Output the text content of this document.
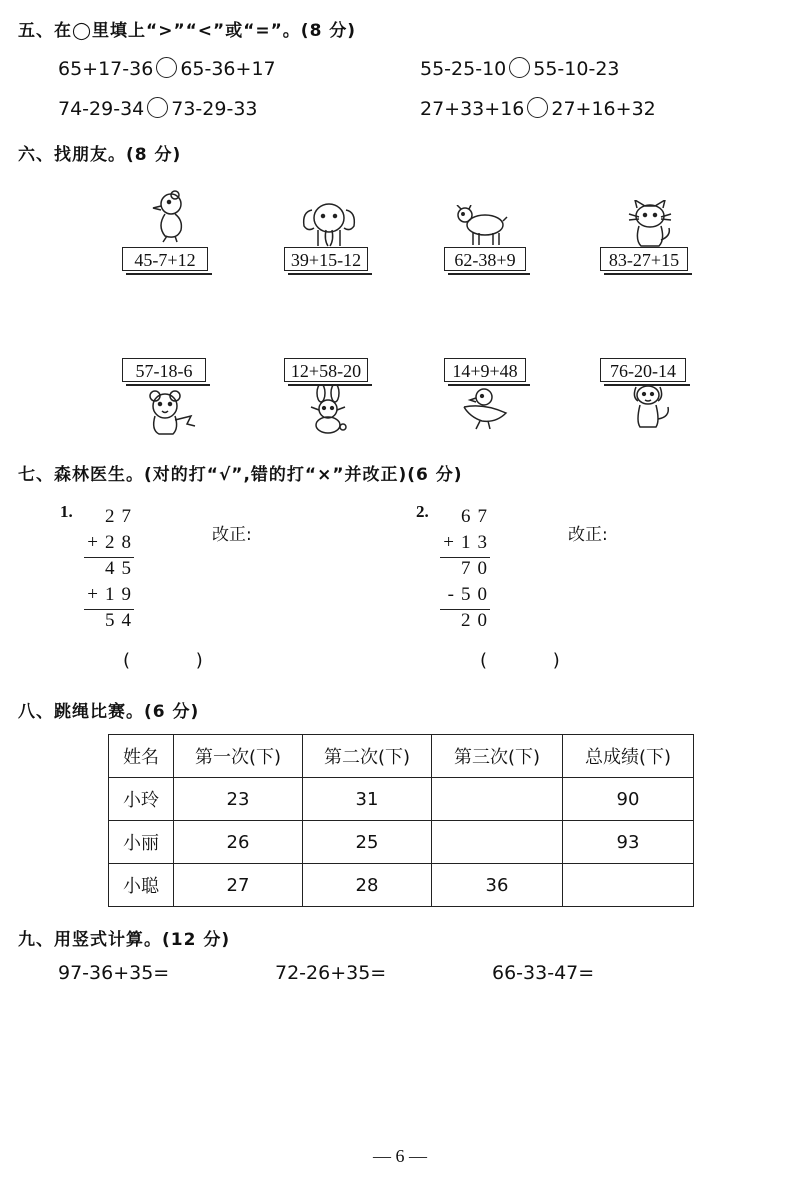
五、在◯里填上“>”“<”或“=”。(8 分)
65+17-36 65-36+17	55-25-10 55-10-23
74-29-34 73-29-33	27+33+16 27+16+32
六、找朋友。(8 分)
45-7+12	39+15-12	62-38+9	83-27+15
57-18-6	12+58-20	14+9+48	76-20-14
七、森林医生。(对的打“√”,错的打“×”并改正)(6 分)
1.	27
+28
45
+19
54
改正:
( )
2.	67
+13
70
-50
20
改正:
( )
八、跳绳比赛。(6 分)
姓名	第一次(下)	第二次(下)	第三次(下)	总成绩(下)
小玲	23	31		90
小丽	26	25		93
小聪	27	28	36	
九、用竖式计算。(12 分)
97-36+35=	72-26+35=	66-33-47=
— 6 —
